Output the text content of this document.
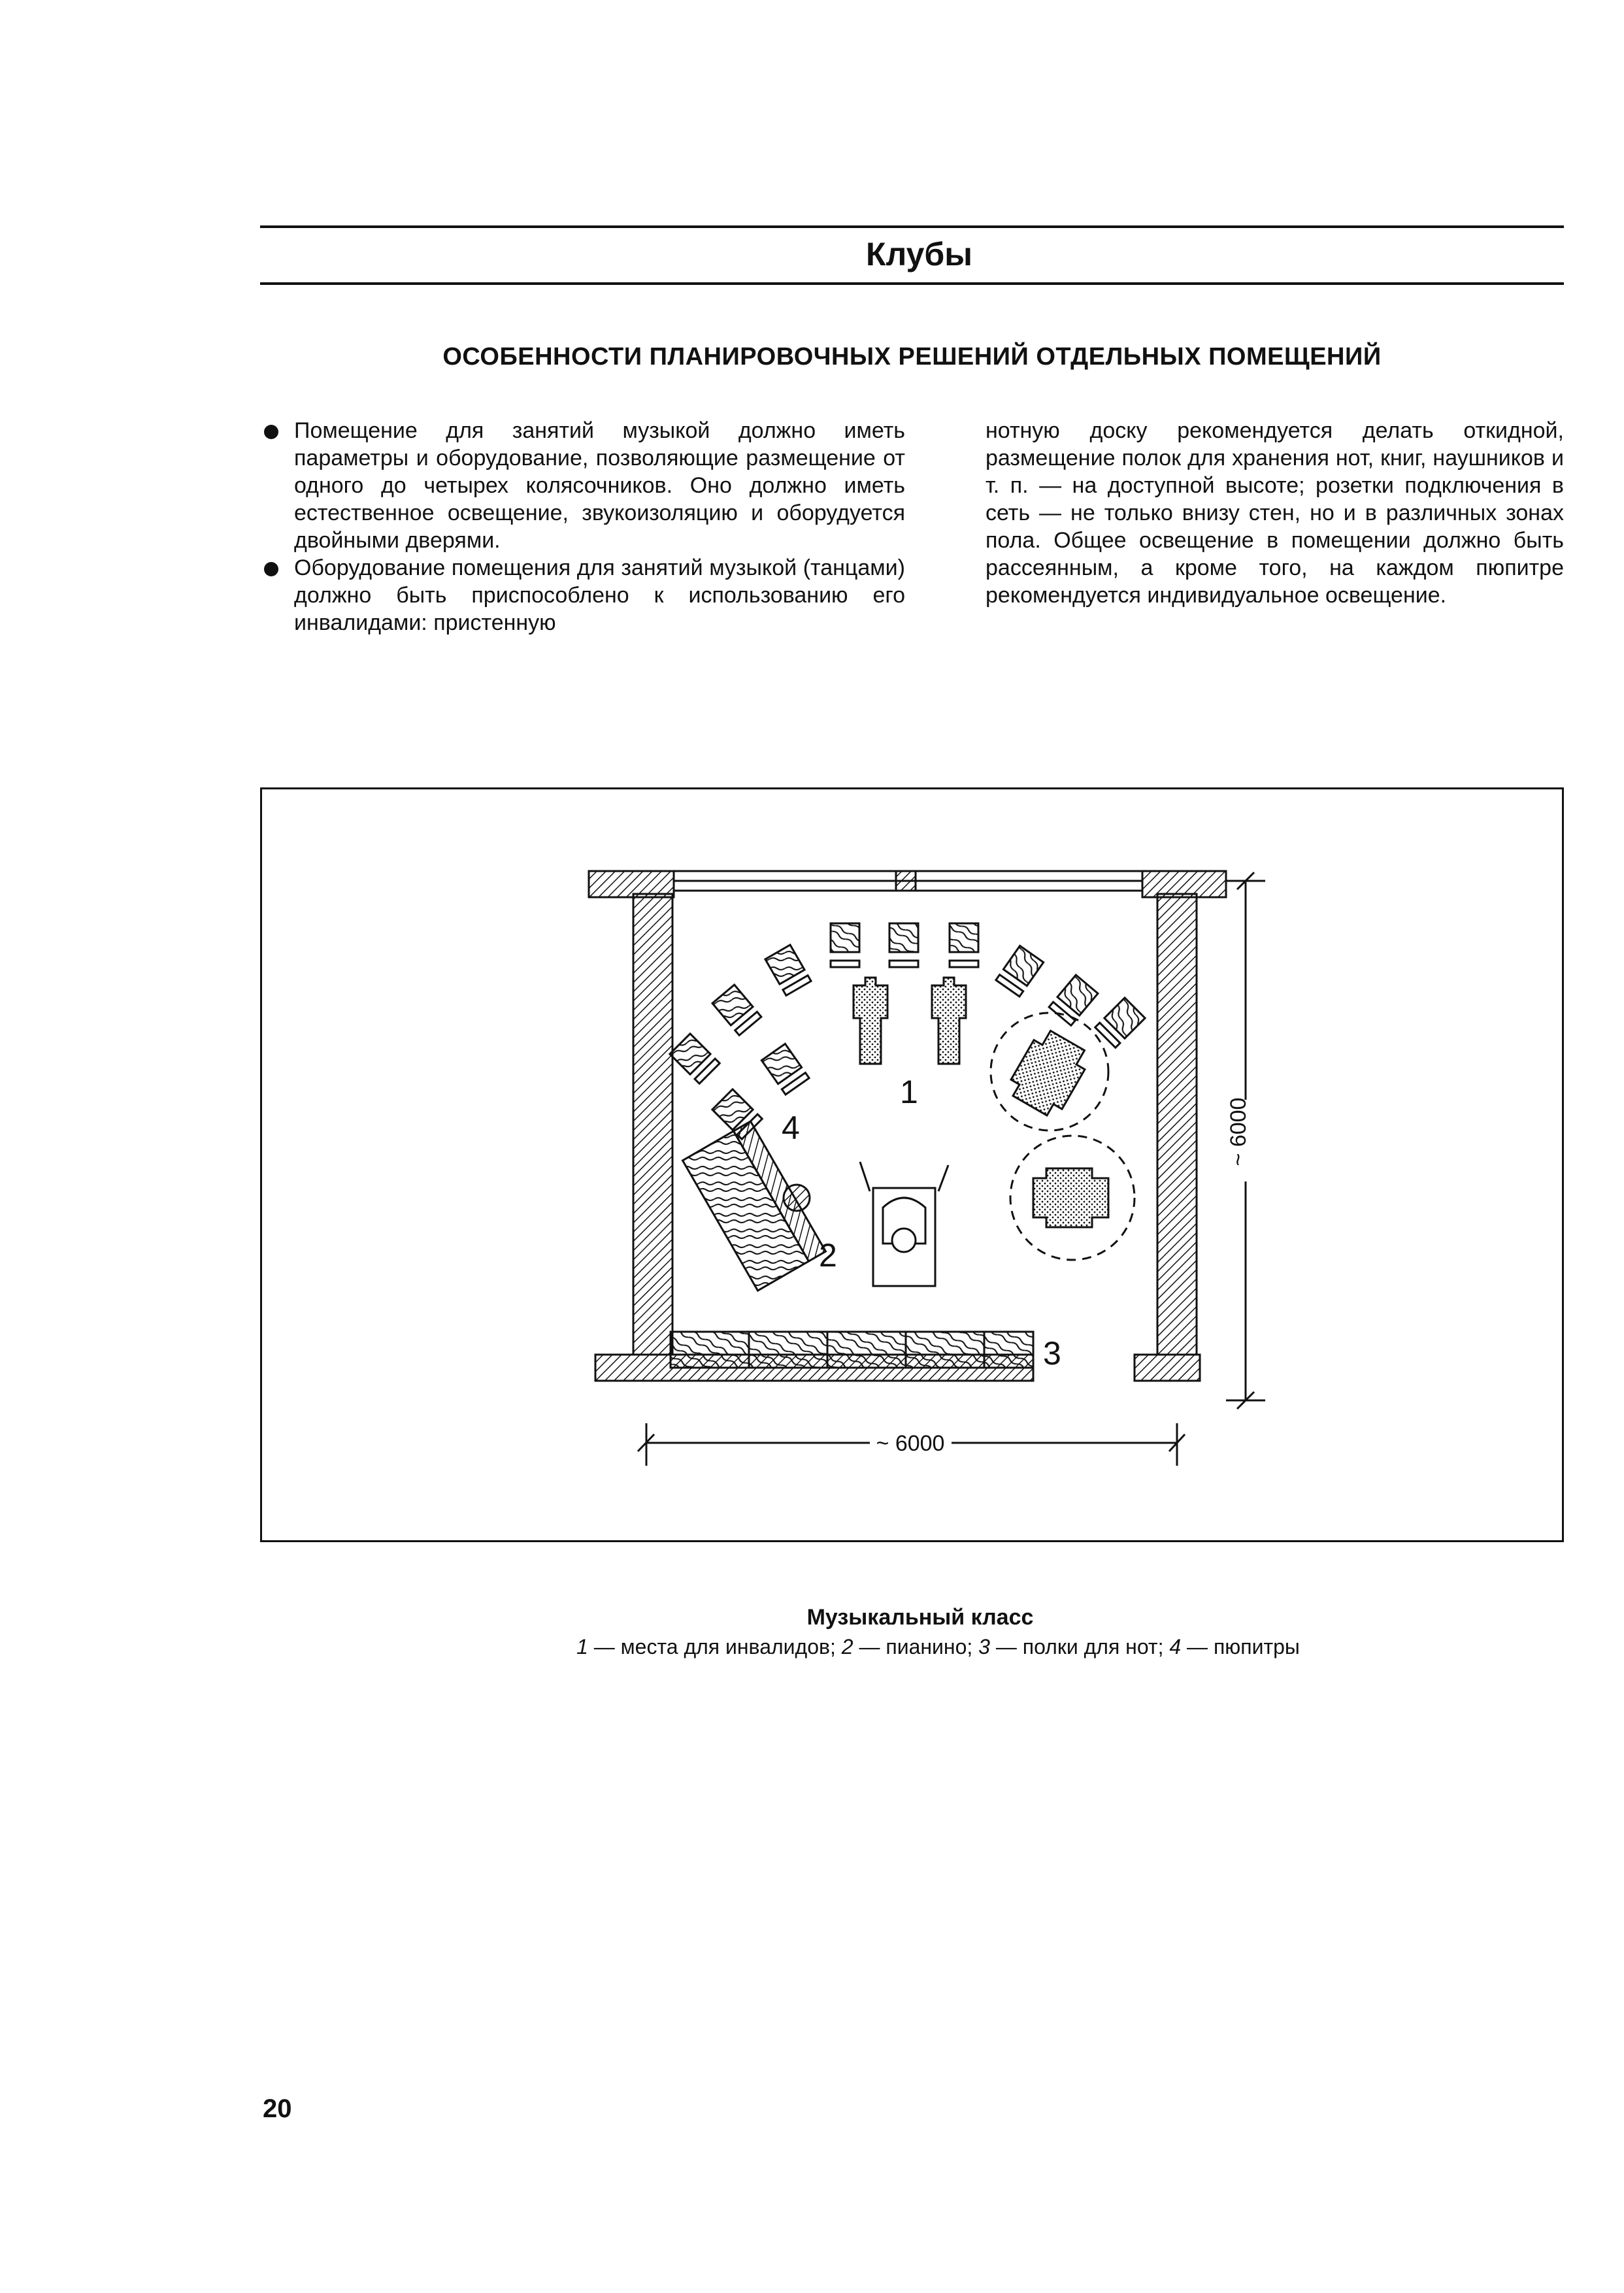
Клубы
ОСОБЕННОСТИ ПЛАНИРОВОЧНЫХ РЕШЕНИЙ ОТДЕЛЬНЫХ ПОМЕЩЕНИЙ

Помещение для занятий музыкой должно иметь параметры и оборудование, позволяющие размещение от одного до четырех колясочников. Оно должно иметь естественное освещение, звукоизоляцию и оборудуется двойными дверями.

Оборудование помещения для занятий музыкой (танцами) должно быть приспособлено к использованию его инвалидами: пристенную

нотную доску рекомендуется делать откидной, размещение полок для хранения нот, книг, наушников и т. п. — на доступной высоте; розетки подключения в сеть — не только внизу стен, но и в различных зонах пола. Общее освещение в помещении должно быть рассеянным, а кроме того, на каждом пюпитре рекомендуется индивидуальное освещение.

1
2
3
4
~ 6000
~ 6000
Музыкальный класс
1 — места для инвалидов; 2 — пианино; 3 — полки для нот; 4 — пюпитры
20
